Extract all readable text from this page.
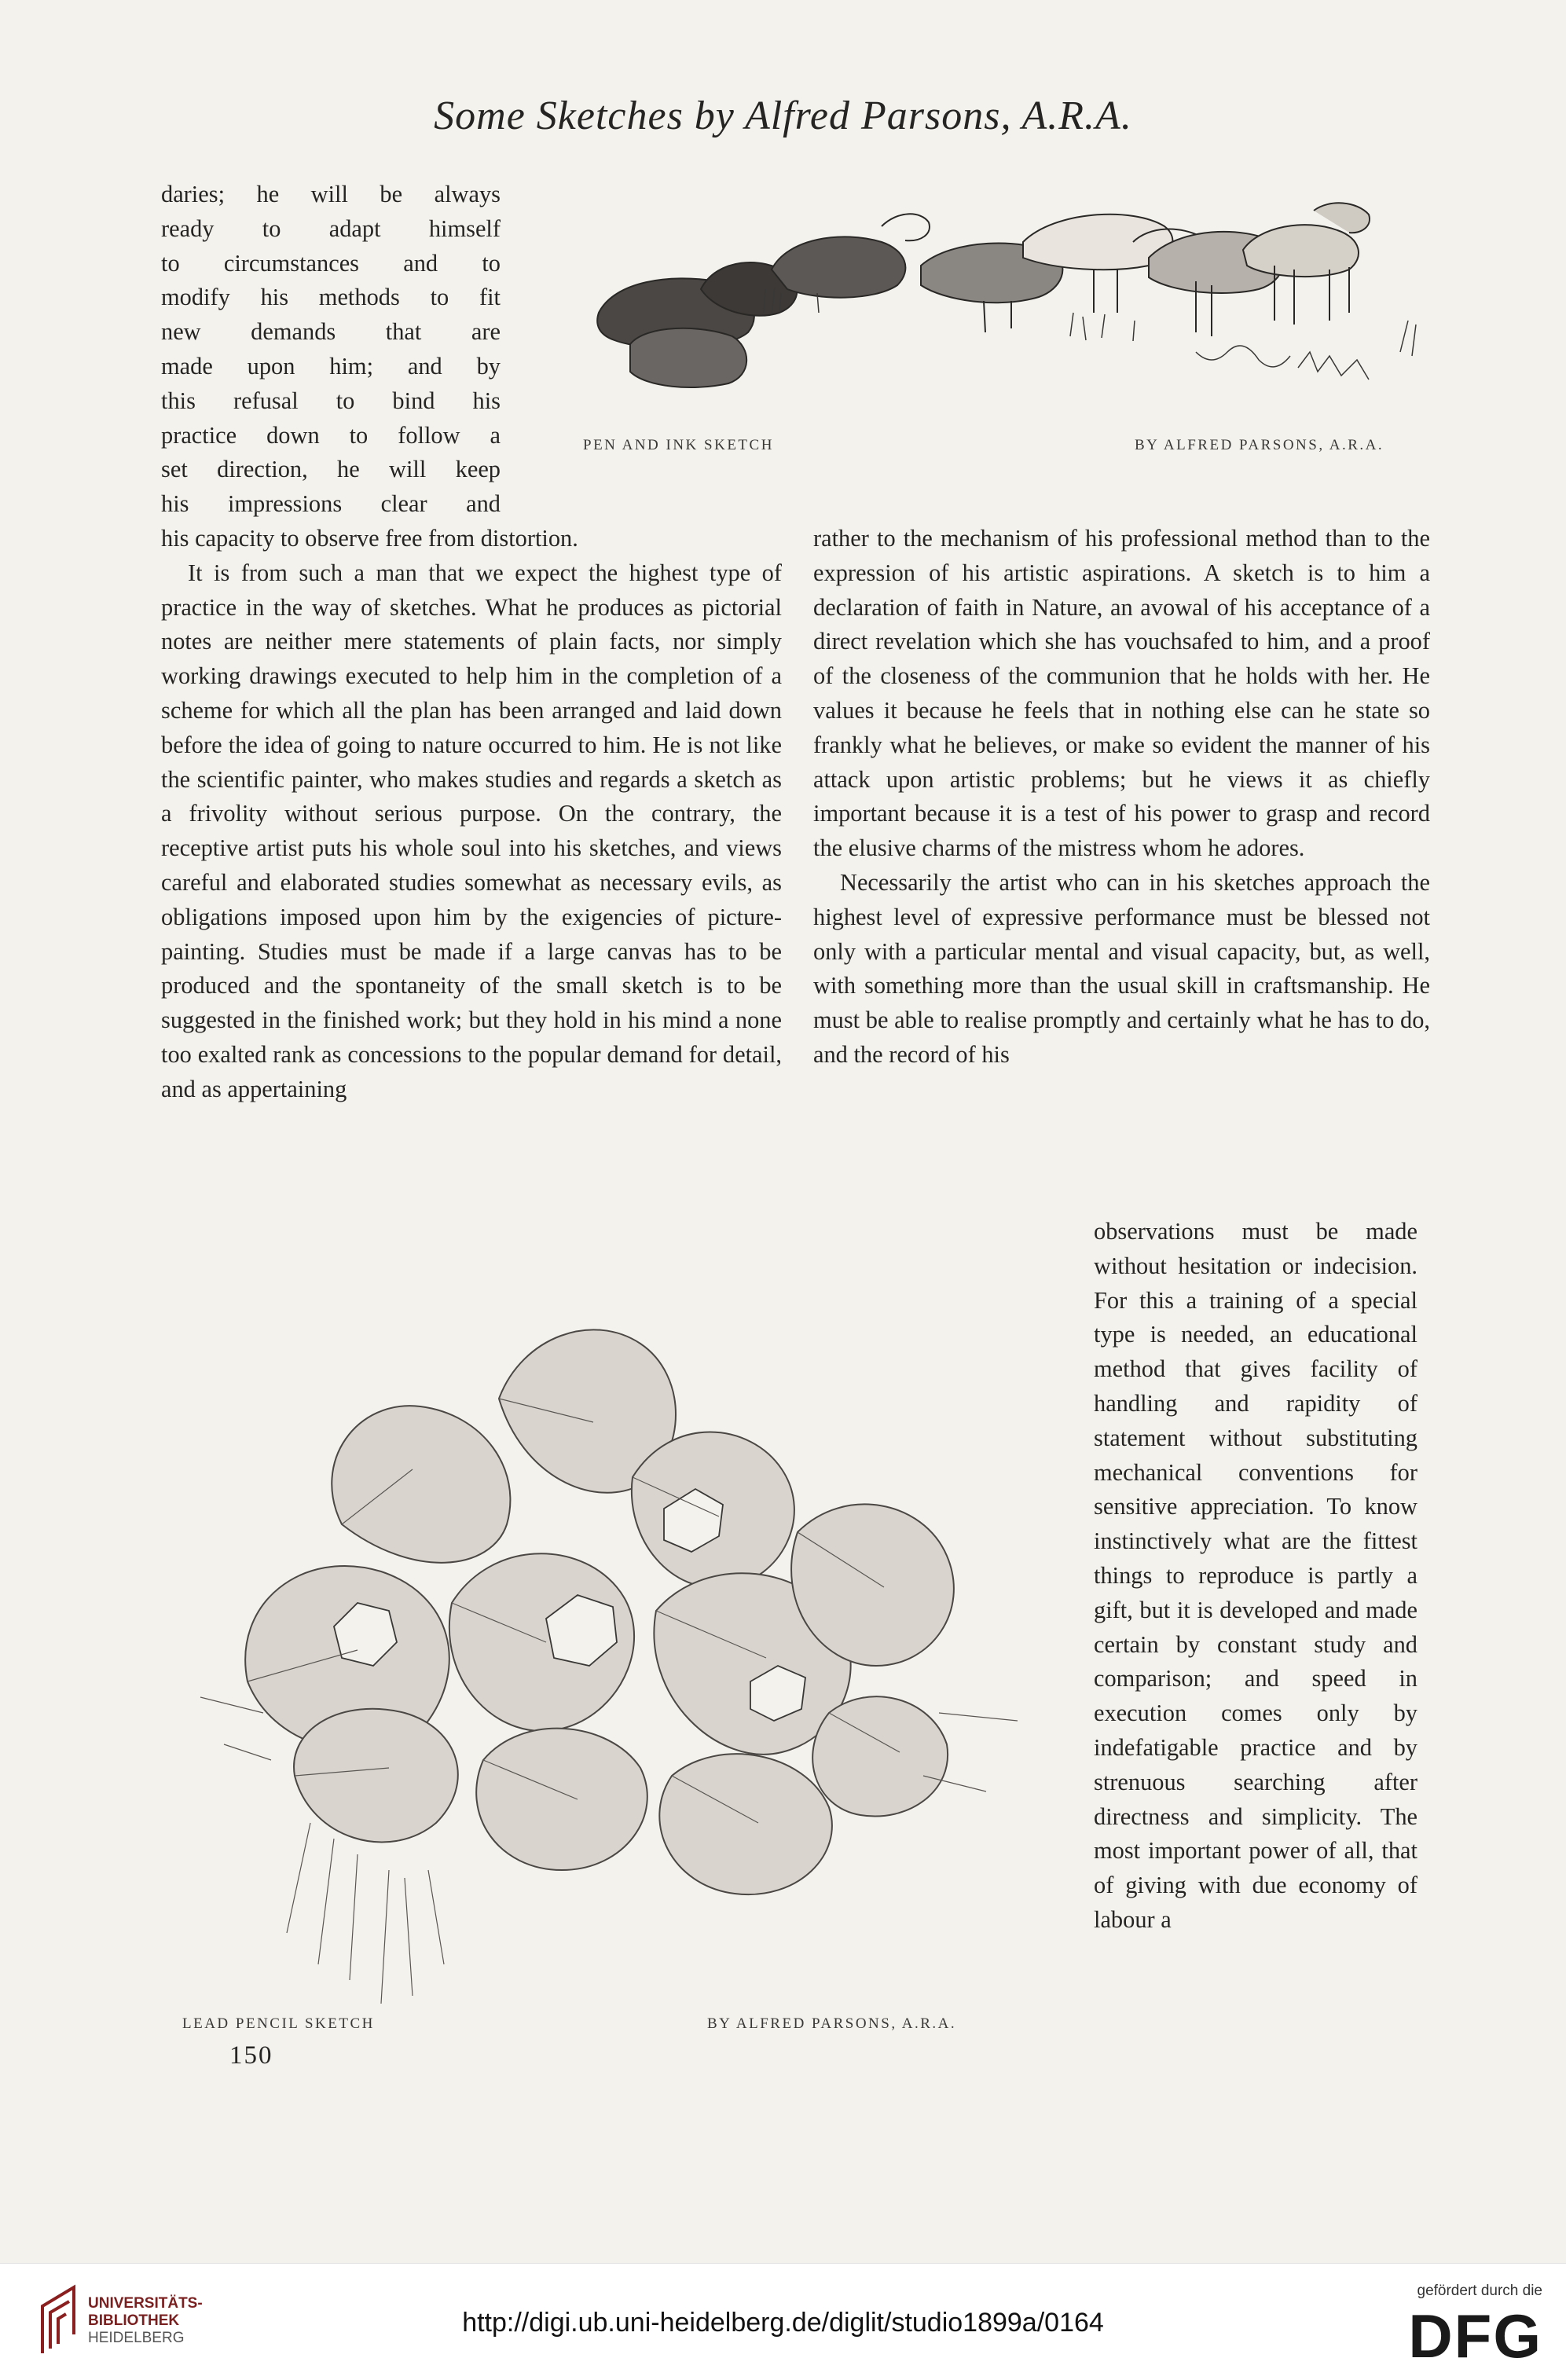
Some Sketches by Alfred Parsons, A.R.A.
daries; he will be always
ready to adapt himself
to circumstances and to
modify his methods to fit
new demands that are
made upon him; and by
this refusal to bind his
practice down to follow a
set direction, he will keep
his impressions clear and
PEN AND INK SKETCH	BY ALFRED PARSONS, A.R.A.

his capacity to observe free from distortion.

It is from such a man that we expect the highest type of practice in the way of sketches. What he produces as pictorial notes are neither mere statements of plain facts, nor simply working drawings executed to help him in the completion of a scheme for which all the plan has been arranged and laid down before the idea of going to nature occurred to him. He is not like the scientific painter, who makes studies and regards a sketch as a frivolity without serious purpose. On the contrary, the receptive artist puts his whole soul into his sketches, and views careful and elaborated studies somewhat as necessary evils, as obligations imposed upon him by the exigencies of picture-painting. Studies must be made if a large canvas has to be produced and the spontaneity of the small sketch is to be suggested in the finished work; but they hold in his mind a none too exalted rank as concessions to the popular demand for detail, and as appertaining

rather to the mechanism of his professional method than to the expression of his artistic aspirations. A sketch is to him a declaration of faith in Nature, an avowal of his acceptance of a direct revelation which she has vouchsafed to him, and a proof of the closeness of the communion that he holds with her. He values it because he feels that in nothing else can he state so frankly what he believes, or make so evident the manner of his attack upon artistic problems; but he views it as chiefly important because it is a test of his power to grasp and record the elusive charms of the mistress whom he adores.

Necessarily the artist who can in his sketches approach the highest level of expressive performance must be blessed not only with a particular mental and visual capacity, but, as well, with something more than the usual skill in craftsmanship. He must be able to realise promptly and certainly what he has to do, and the record of his

observations must be made without hesitation or indecision. For this a training of a special type is needed, an educational method that gives facility of handling and rapidity of statement without substituting mechanical conventions for sensitive appreciation. To know instinctively what are the fittest things to reproduce is partly a gift, but it is developed and made certain by constant study and comparison; and speed in execution comes only by indefatigable practice and by strenuous searching after directness and simplicity. The most important power of all, that of giving with due economy of labour a

LEAD PENCIL SKETCH	BY ALFRED PARSONS, A.R.A.
150
UNIVERSITÄTS-
BIBLIOTHEK
HEIDELBERG
http://digi.ub.uni-heidelberg.de/diglit/studio1899a/0164
gefördert durch die
DFG
